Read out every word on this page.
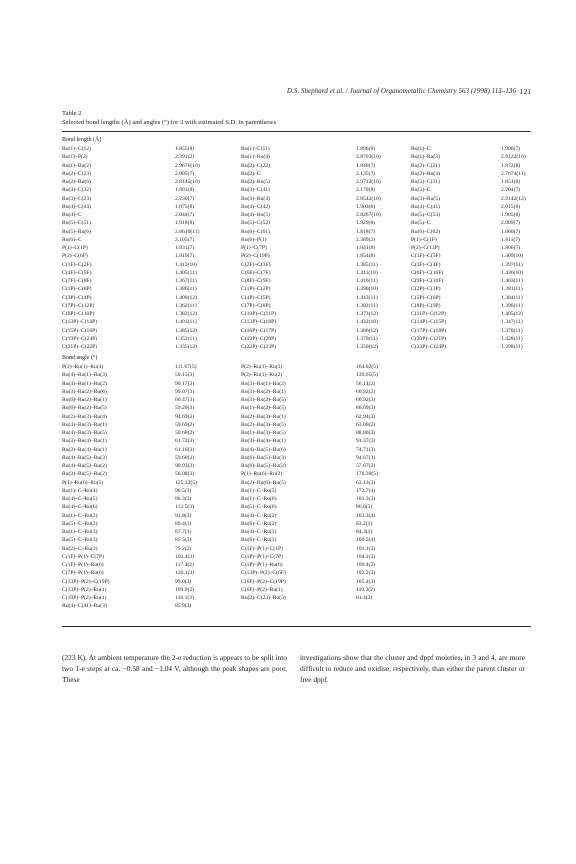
D.S. Shephard et al. / Journal of Organometallic Chemistry 563 (1998) 113–136 121
Table 2
Selected bond lengths (Å) and angles (°) for 3 with estimated S.D. in parentheses
Bond length (Å)
Ru(1)–C(12)	1.855(8)	Ru(1)–C(11)	1.896(8)	Ru(1)–C	1.996(7)
Ru(1)–P(2)	2.391(2)	Ru(1)–Ru(4)	2.8703(10)	Ru(1)–Ru(3)	2.9122(10)
Ru(1)–Ru(2)	2.9676(10)	Ru(2)–C(22)	1.840(7)	Ru(2)–C(21)	1.872(8)
Ru(2)–C(23)	2.005(7)	Ru(2)–C	2.135(7)	Ru(2)–Ru(3)	2.7674(11)
Ru(2)–Ru(6)	2.8145(10)	Ru(2)–Ru(5)	2.9712(10)	Ru(3)–C(31)	1.851(8)
Ru(3)–C(32)	1.891(8)	Ru(3)–C(41)	2.170(8)	Ru(3)–C	2.204(7)
Ru(3)–C(23)	2.230(7)	Ru(3)–Ru(4)	2.8542(10)	Ru(3)–Ru(5)	2.9142(12)
Ru(4)–C(43)	1.875(8)	Ru(4)–C(42)	1.903(8)	Ru(4)–C(41)	2.015(8)
Ru(4)–C	2.044(7)	Ru(4)–Ru(5)	2.8267(10)	Ru(5)–C(53)	1.905(8)
Ru(5)–C(51)	1.918(8)	Ru(5)–C(52)	1.929(8)	Ru(5)–C	2.089(7)
Ru(5)–Ru(6)	2.8610(11)	Ru(6)–C(61)	1.818(7)	Ru(6)–C(62)	1.860(7)
Ru(6)–C	2.105(7)	Ru(6)–P(1)	2.389(2)	P(1)–C(1F)	1.811(7)
P(1)–C(1P)	1.831(7)	P(1)–C(7P)	1.841(8)	P(2)–C(13P)	1.806(7)
P(2)–C(6F)	1.819(7)	P(2)–C(19P)	1.854(8)	C(1F)–C(5F)	1.409(10)
C(1F)–C(2F)	1.413(10)	C(2F)–C(3F)	1.385(11)	C(3F)–C(4F)	1.397(11)
C(4F)–C(5F)	1.405(11)	C(6F)–C(7F)	1.411(10)	C(6F)–C(10F)	1.436(10)
C(7F)–C(8F)	1.367(11)	C(8F)–C(9F)	1.416(11)	C(9F)–C(10F)	1.403(11)
C(1P)–C(6P)	1.386(11)	C(1P)–C(2P)	1.390(10)	C(2P)–C(3P)	1.381(11)
C(3P)–C(4P)	1.409(12)	C(4P)–C(5P)	1.443(11)	C(5P)–C(6P)	1.384(11)
C(7P)–C(12P)	1.362(11)	C(7P)–C(8P)	1.382(11)	C(8P)–C(9P)	1.396(11)
C(9P)–C(10P)	1.382(12)	C(10P)–C(11P)	1.373(12)	C(11P)–C(12P)	1.405(12)
C(13P)–C(14P)	1.401(11)	C(13P)–C(18P)	1.432(10)	C(14P)–C(15P)	1.347(11)
C(15P)–C(16P)	1.385(12)	C(16P)–C(17P)	1.386(12)	C(17P)–C(18P)	1.370(11)
C(19P)–C(24P)	1.352(11)	C(19P)–C(20P)	1.379(11)	C(20P)–C(21P)	1.428(11)
C(21P)–C(22P)	1.335(12)	C(22P)–C(23P)	1.350(12)	C(23P)–C(24P)	1.398(11)
Bond angle (°)
P(2)–Ru(1)–Ru(4)	111.67(5)	P(2)–Ru(1)–Ru(3)	164.02(5)
Ru(4)–Ru(1)–Ru(3)	59.15(3)	P(2)–Ru(1)–Ru(2)	139.65(5)
Ru(4)–Ru(1)–Ru(2)	90.17(3)	Ru(3)–Ru(1)–Ru(2)	56.14(2)
Ru(3)–Ru(2)–Ru(6)	99.07(3)	Ru(3)–Ru(2)–Ru(1)	60.92(2)
Ru(6)–Ru(2)–Ru(1)	66.47(3)	Ru(3)–Ru(2)–Ru(5)	60.92(3)
Ru(6)–Ru(2)–Ru(5)	59.20(3)	Ru(1)–Ru(2)–Ru(5)	86.69(3)
Ru(2)–Ru(3)–Ru(4)	94.69(3)	Ru(2)–Ru(3)–Ru(1)	62.94(3)
Ru(4)–Ru(3)–Ru(1)	59.69(2)	Ru(2)–Ru(3)–Ru(5)	63.00(2)
Ru(4)–Ru(3)–Ru(5)	58.68(2)	Ru(1)–Ru(3)–Ru(5)	88.80(3)
Ru(3)–Ru(4)–Ru(1)	61.72(3)	Ru(3)–Ru(4)–Ru(1)	91.37(3)
Ru(3)–Ru(4)–Ru(1)	61.16(3)	Ru(4)–Ru(5)–Ru(6)	74.71(3)
Ru(4)–Ru(5)–Ru(3)	59.60(2)	Ru(6)–Ru(5)–Ru(3)	94.67(3)
Ru(4)–Ru(5)–Ru(2)	90.93(3)	Ru(6)–Ru(5)–Ru(2)	57.67(2)
Ru(3)–Ru(5)–Ru(2)	56.08(3)	P(1)–Ru(6)–Ru(2)	170.30(5)
P(1)–Ru(6)–Ru(5)	125.32(5)	Ru(2)–Ru(6)–Ru(5)	63.13(3)
Ru(1)–C–Ru(4)	90.5(3)	Ru(1)–C–Ru(5)	172.7(4)
Ru(4)–C–Ru(5)	86.3(3)	Ru(1)–C–Ru(6)	101.3(3)
Ru(4)–C–Ru(6)	112.5(3)	Ru(5)–C–Ru(6)	86.0(3)
Ru(1)–C–Ru(2)	91.8(3)	Ru(4)–C–Ru(2)	163.3(4)
Ru(5)–C–Ru(2)	89.4(3)	Ru(6)–C–Ru(2)	83.2(3)
Ru(1)–C–Ru(3)	87.7(3)	Ru(4)–C–Ru(3)	84.3(3)
Ru(5)–C–Ru(3)	85.5(3)	Ru(6)–C–Ru(3)	160.5(4)
Ru(2)–C–Ru(3)	79.2(2)	C(1F)–P(1)–C(1P)	101.1(3)
C(1F)–P(1)–C(7P)	102.4(3)	C(1P)–P(1)–C(7P)	104.1(3)
C(1F)–P(1)–Ru(6)	117.4(2)	C(1P)–P(1)–Ru(6)	109.4(2)
C(7P)–P(1)–Ru(6)	120.1(3)	C(13P)–P(2)–C(6F)	102.2(3)
C(13P)–P(2)–C(19P)	99.0(3)	C(6F)–P(2)–C(19P)	105.4(3)
C(13P)–P(2)–Ru(1)	109.9(2)	C(6F)–P(2)–Ru(1)	119.2(2)
C(19P)–P(2)–Ru(1)	118.1(3)	Ru(2)–C(23)–Ru(3)	81.4(3)
Ru(4)–C(41)–Ru(3)	85.9(3)

(223 K). At ambient temperature the 2-e reduction is appears to be split into two 1-e steps at ca. −0.58 and −1.04 V, although the peak shapes are poor. These

investigations show that the cluster and dppf moieties, in 3 and 4, are more difficult to reduce and oxidise, respectively, than either the parent cluster or free dppf.
